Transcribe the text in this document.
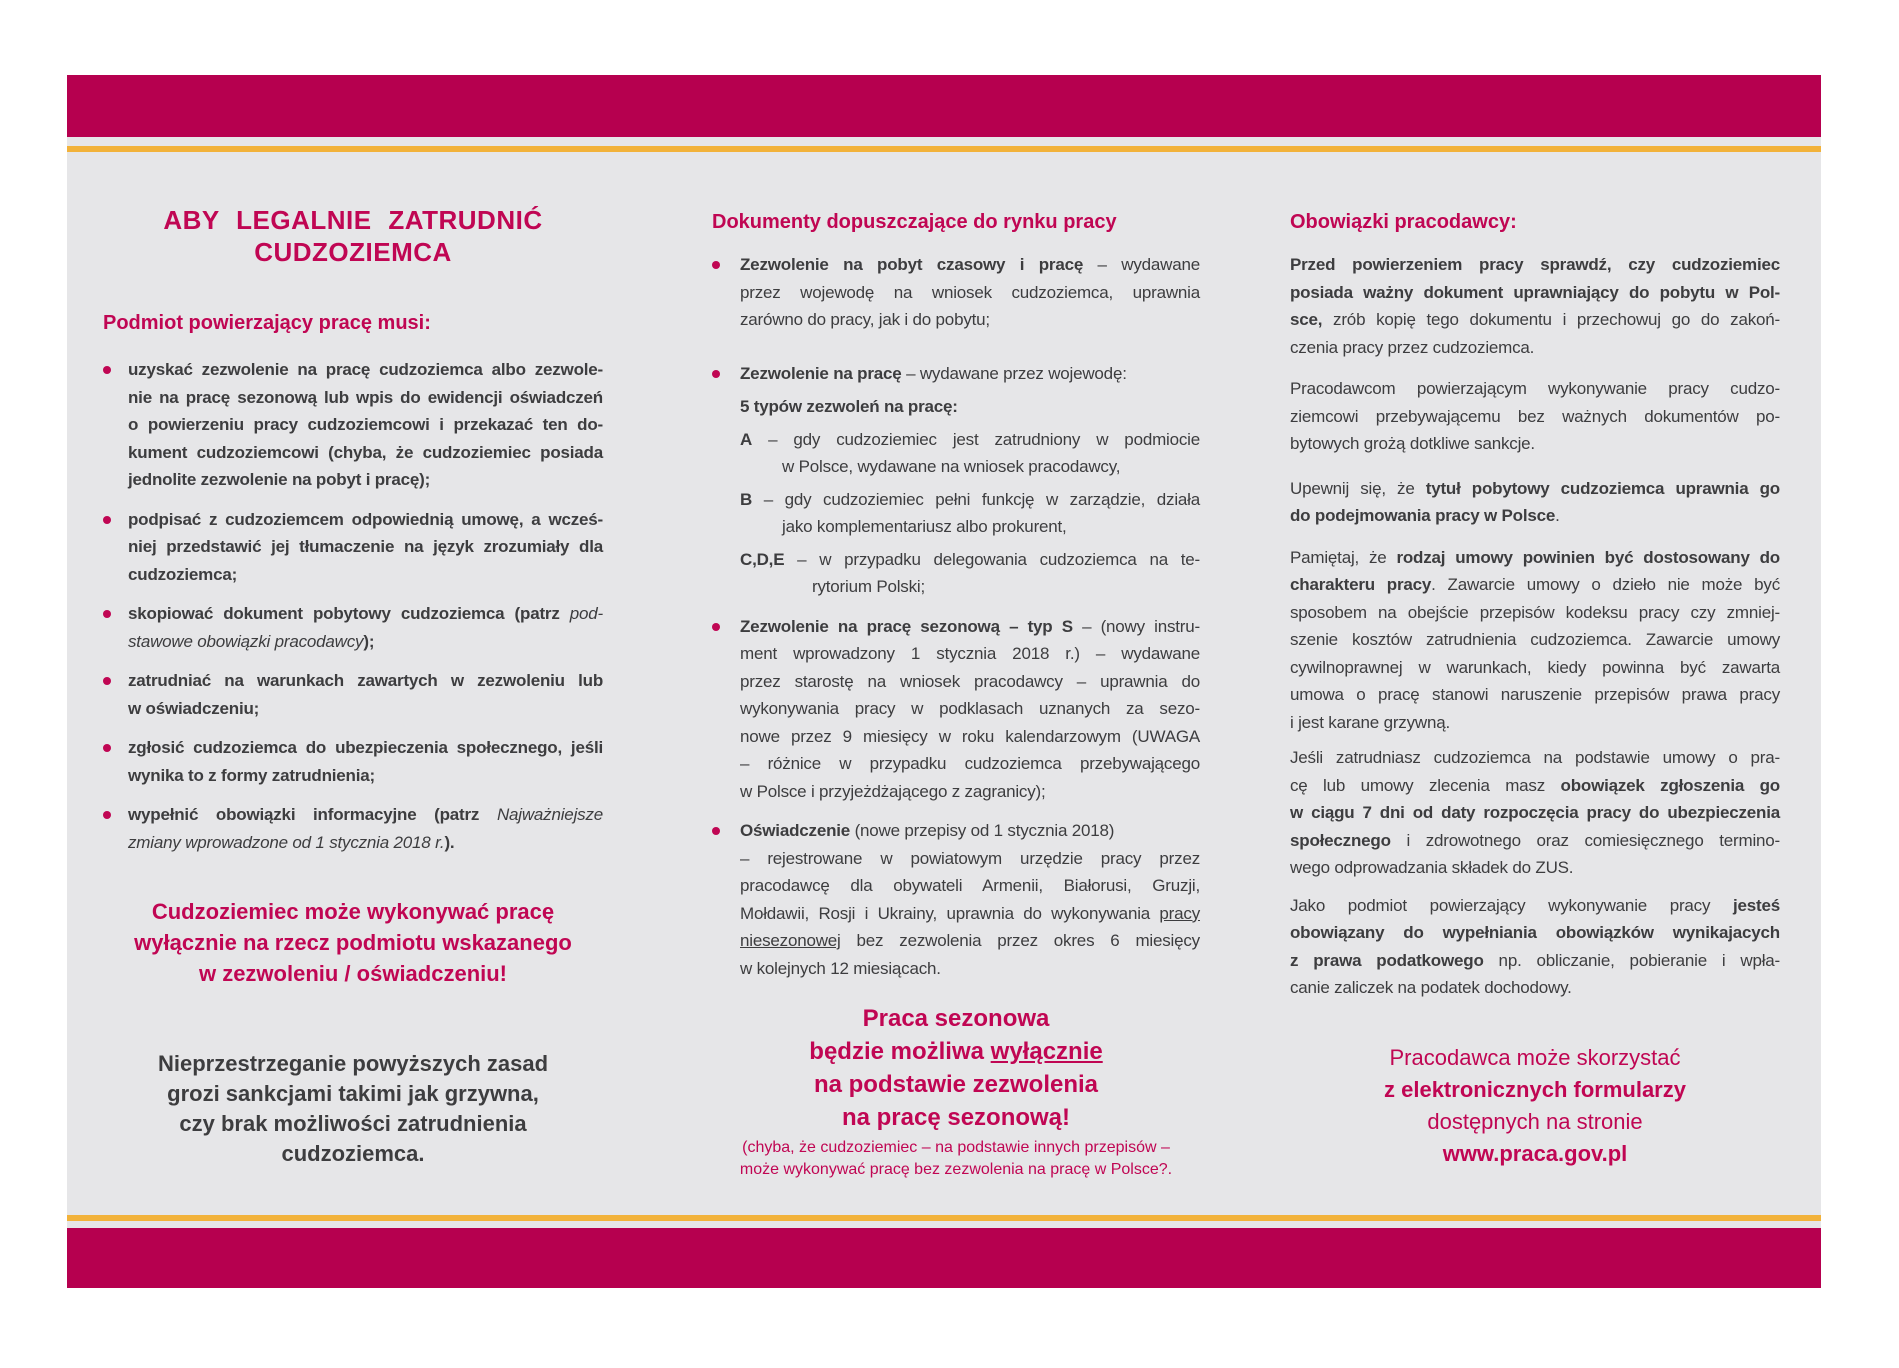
ABY LEGALNIE ZATRUDNIĆ
CUDZOZIEMCA
Podmiot powierzający pracę musi:
uzyskać zezwolenie na pracę cudzoziemca albo zezwole-
nie na pracę sezonową lub wpis do ewidencji oświadczeń
o powierzeniu pracy cudzoziemcowi i przekazać ten do-
kument cudzoziemcowi (chyba, że cudzoziemiec posiada
jednolite zezwolenie na pobyt i pracę);
podpisać z cudzoziemcem odpowiednią umowę, a wcześ-
niej przedstawić jej tłumaczenie na język zrozumiały dla
cudzoziemca;
skopiować dokument pobytowy cudzoziemca (patrz pod-
stawowe obowiązki pracodawcy);
zatrudniać na warunkach zawartych w zezwoleniu lub
w oświadczeniu;
zgłosić cudzoziemca do ubezpieczenia społecznego, jeśli
wynika to z formy zatrudnienia;
wypełnić obowiązki informacyjne (patrz Najważniejsze
zmiany wprowadzone od 1 stycznia 2018 r.).
Cudzoziemiec może wykonywać pracę
wyłącznie na rzecz podmiotu wskazanego
w zezwoleniu / oświadczeniu!
Nieprzestrzeganie powyższych zasad
grozi sankcjami takimi jak grzywna,
czy brak możliwości zatrudnienia
cudzoziemca.
Dokumenty dopuszczające do rynku pracy
Zezwolenie na pobyt czasowy i pracę – wydawane
przez wojewodę na wniosek cudzoziemca, uprawnia
zarówno do pracy, jak i do pobytu;
Zezwolenie na pracę – wydawane przez wojewodę:
5 typów zezwoleń na pracę:
A – gdy cudzoziemiec jest zatrudniony w podmiocie
w Polsce, wydawane na wniosek pracodawcy,
B – gdy cudzoziemiec pełni funkcję w zarządzie, działa
jako komplementariusz albo prokurent,
C,D,E – w przypadku delegowania cudzoziemca na te-
rytorium Polski;
Zezwolenie na pracę sezonową – typ S – (nowy instru-
ment wprowadzony 1 stycznia 2018 r.) – wydawane
przez starostę na wniosek pracodawcy – uprawnia do
wykonywania pracy w podklasach uznanych za sezo-
nowe przez 9 miesięcy w roku kalendarzowym (UWAGA
– różnice w przypadku cudzoziemca przebywającego
w Polsce i przyjeżdżającego z zagranicy);
Oświadczenie (nowe przepisy od 1 stycznia 2018)
– rejestrowane w powiatowym urzędzie pracy przez
pracodawcę dla obywateli Armenii, Białorusi, Gruzji,
Mołdawii, Rosji i Ukrainy, uprawnia do wykonywania pracy
niesezonowej bez zezwolenia przez okres 6 miesięcy
w kolejnych 12 miesiącach.
Praca sezonowa
będzie możliwa wyłącznie
na podstawie zezwolenia
na pracę sezonową!
(chyba, że cudzoziemiec – na podstawie innych przepisów –
może wykonywać pracę bez zezwolenia na pracę w Polsce?.
Obowiązki pracodawcy:
Przed powierzeniem pracy sprawdź, czy cudzoziemiec
posiada ważny dokument uprawniający do pobytu w Pol-
sce, zrób kopię tego dokumentu i przechowuj go do zakoń-
czenia pracy przez cudzoziemca.
Pracodawcom powierzającym wykonywanie pracy cudzo-
ziemcowi przebywającemu bez ważnych dokumentów po-
bytowych grożą dotkliwe sankcje.
Upewnij się, że tytuł pobytowy cudzoziemca uprawnia go
do podejmowania pracy w Polsce.
Pamiętaj, że rodzaj umowy powinien być dostosowany do
charakteru pracy. Zawarcie umowy o dzieło nie może być
sposobem na obejście przepisów kodeksu pracy czy zmniej-
szenie kosztów zatrudnienia cudzoziemca. Zawarcie umowy
cywilnoprawnej w warunkach, kiedy powinna być zawarta
umowa o pracę stanowi naruszenie przepisów prawa pracy
i jest karane grzywną.
Jeśli zatrudniasz cudzoziemca na podstawie umowy o pra-
cę lub umowy zlecenia masz obowiązek zgłoszenia go
w ciągu 7 dni od daty rozpoczęcia pracy do ubezpieczenia
społecznego i zdrowotnego oraz comiesięcznego termino-
wego odprowadzania składek do ZUS.
Jako podmiot powierzający wykonywanie pracy jesteś
obowiązany do wypełniania obowiązków wynikajacych
z prawa podatkowego np. obliczanie, pobieranie i wpła-
canie zaliczek na podatek dochodowy.
Pracodawca może skorzystać
z elektronicznych formularzy
dostępnych na stronie
www.praca.gov.pl
